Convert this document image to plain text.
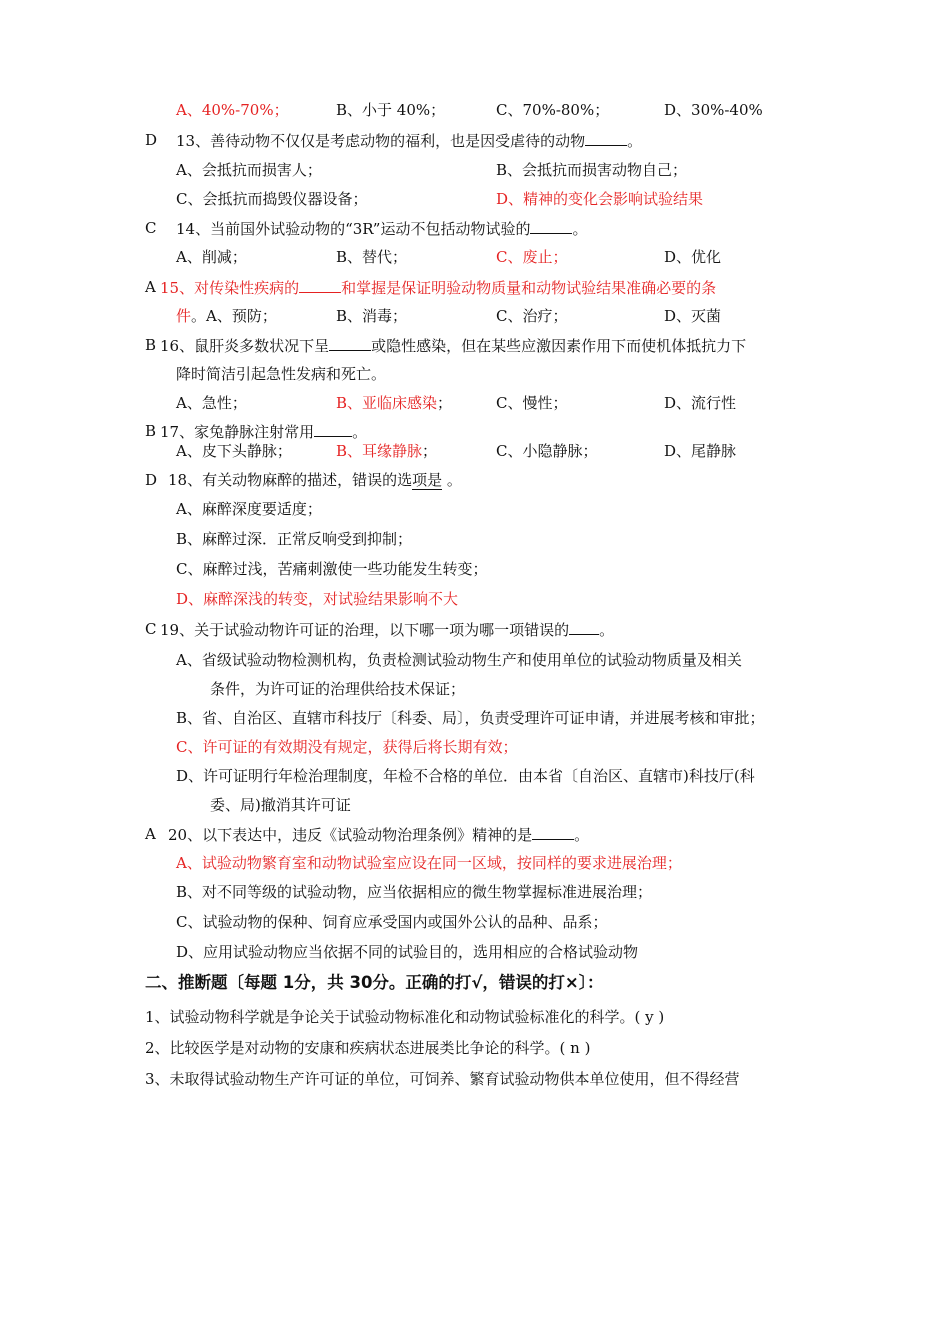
A、40%-70%；	B、小于 40%；	C、70%-80%；	D、30%-40%
D 13、善待动物不仅仅是考虑动物的福利，也是因受虐待的动物	。
A、会抵抗而损害人；	B、会抵抗而损害动物自己；
C、会抵抗而捣毁仪器设备；	D、精神的变化会影响试验结果
C 14、当前国外试验动物的“3R”运动不包括动物试验的	。
A、削减；	B、替代；	C、废止；	D、优化
A 15、对传染性疾病的	和掌握是保证明验动物质量和动物试验结果准确必要的条
件。A、预防；	B、消毒；	C、治疗；	D、灭菌
B 16、鼠肝炎多数状况下呈	或隐性感染，但在某些应激因素作用下而使机体抵抗力下
降时简洁引起急性发病和死亡。
A、急性；	B、亚临床感染；	C、慢性；	D、流行性
B 17、家兔静脉注射常用	。
A、皮下头静脉；	B、耳缘静脉；	C、小隐静脉；	D、尾静脉
D 18、有关动物麻醉的描述，错误的选项是 。
A、麻醉深度要适度；
B、麻醉过深．正常反响受到抑制；
C、麻醉过浅，苦痛刺激使一些功能发生转变；
D、麻醉深浅的转变，对试验结果影响不大
C 19、关于试验动物许可证的治理，以下哪一项为哪一项错误的 。
A、省级试验动物检测机构，负责检测试验动物生产和使用单位的试验动物质量及相关
条件，为许可证的治理供给技术保证；
B、省、自治区、直辖市科技厅〔科委、局〕，负责受理许可证申请，并进展考核和审批；
C、许可证的有效期没有规定，获得后将长期有效；
D、许可证明行年检治理制度，年检不合格的单位．由本省〔自治区、直辖市)科技厅(科
委、局)撤消其许可证
A 20、以下表达中，违反《试验动物治理条例》精神的是	。
A、试验动物繁育室和动物试验室应设在同一区域，按同样的要求进展治理；
B、对不同等级的试验动物，应当依据相应的微生物掌握标准进展治理；
C、试验动物的保种、饲育应承受国内或国外公认的品种、品系；
D、应用试验动物应当依据不同的试验目的，选用相应的合格试验动物
二、推断题〔每题 1分，共 30分。正确的打√，错误的打×〕：
1、试验动物科学就是争论关于试验动物标准化和动物试验标准化的科学。( y )
2、比较医学是对动物的安康和疾病状态进展类比争论的科学。( n )
3、未取得试验动物生产许可证的单位，可饲养、繁育试验动物供本单位使用，但不得经营
